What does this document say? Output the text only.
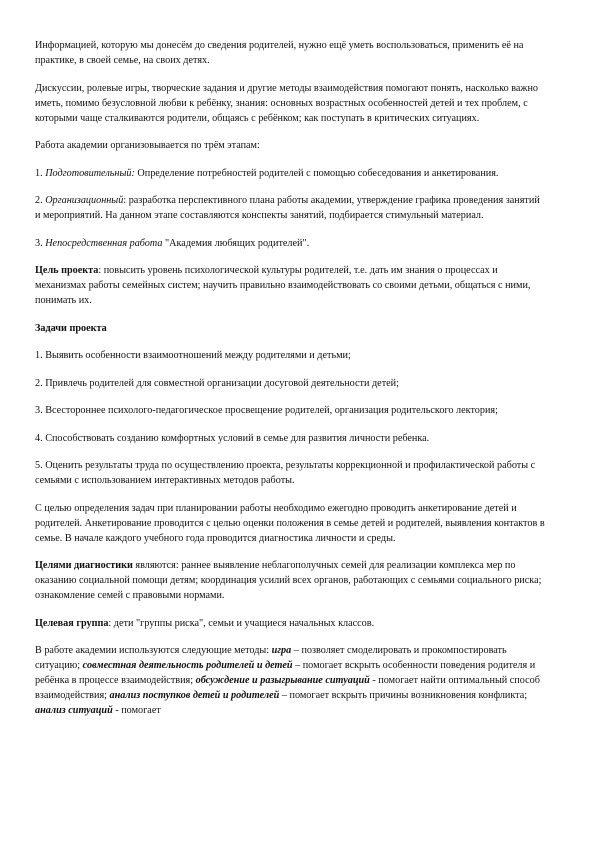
Информацией, которую мы донесём до сведения родителей, нужно ещё уметь воспользоваться, применить её на практике, в своей семье, на своих детях.

Дискуссии, ролевые игры, творческие задания и другие методы взаимодействия помогают понять, насколько важно иметь, помимо безусловной любви к ребёнку, знания: основных возрастных особенностей детей и тех проблем, с которыми чаще сталкиваются родители, общаясь с ребёнком; как поступать в критических ситуациях.

Работа академии организовывается по трём этапам:

1. Подготовительный: Определение потребностей родителей с помощью собеседования и анкетирования.

2. Организационный: разработка перспективного плана работы академии, утверждение графика проведения занятий и мероприятий. На данном этапе составляются конспекты занятий, подбирается стимульный материал.

3. Непосредственная работа "Академия любящих родителей".

Цель проекта: повысить уровень психологической культуры родителей, т.е. дать им знания о процессах и механизмах работы семейных систем; научить правильно взаимодействовать со своими детьми, общаться с ними, понимать их.

Задачи проекта

1. Выявить особенности взаимоотношений между родителями и детьми;

2. Привлечь родителей для совместной организации досуговой деятельности детей;

3. Всестороннее психолого-педагогическое просвещение родителей, организация родительского лектория;

4. Способствовать созданию комфортных условий в семье для развития личности ребенка.

5. Оценить результаты труда по осуществлению проекта, результаты коррекционной и профилактической работы с семьями с использованием интерактивных методов работы.

С целью определения задач при планировании работы необходимо ежегодно проводить анкетирование детей и родителей. Анкетирование проводится с целью оценки положения в семье детей и родителей, выявления контактов в семье. В начале каждого учебного года проводится диагностика личности и среды.

Целями диагностики являются: раннее выявление неблагополучных семей для реализации комплекса мер по оказанию социальной помощи детям; координация усилий всех органов, работающих с семьями социального риска; ознакомление семей с правовыми нормами.

Целевая группа: дети "группы риска", семьи и учащиеся начальных классов.

В работе академии используются следующие методы: игра – позволяет смоделировать и прокомпостировать ситуацию; совместная деятельность родителей и детей – помогает вскрыть особенности поведения родителя и ребёнка в процессе взаимодействия; обсуждение и разыгрывание ситуаций - помогает найти оптимальный способ взаимодействия; анализ поступков детей и родителей – помогает вскрыть причины возникновения конфликта; анализ ситуаций - помогает
